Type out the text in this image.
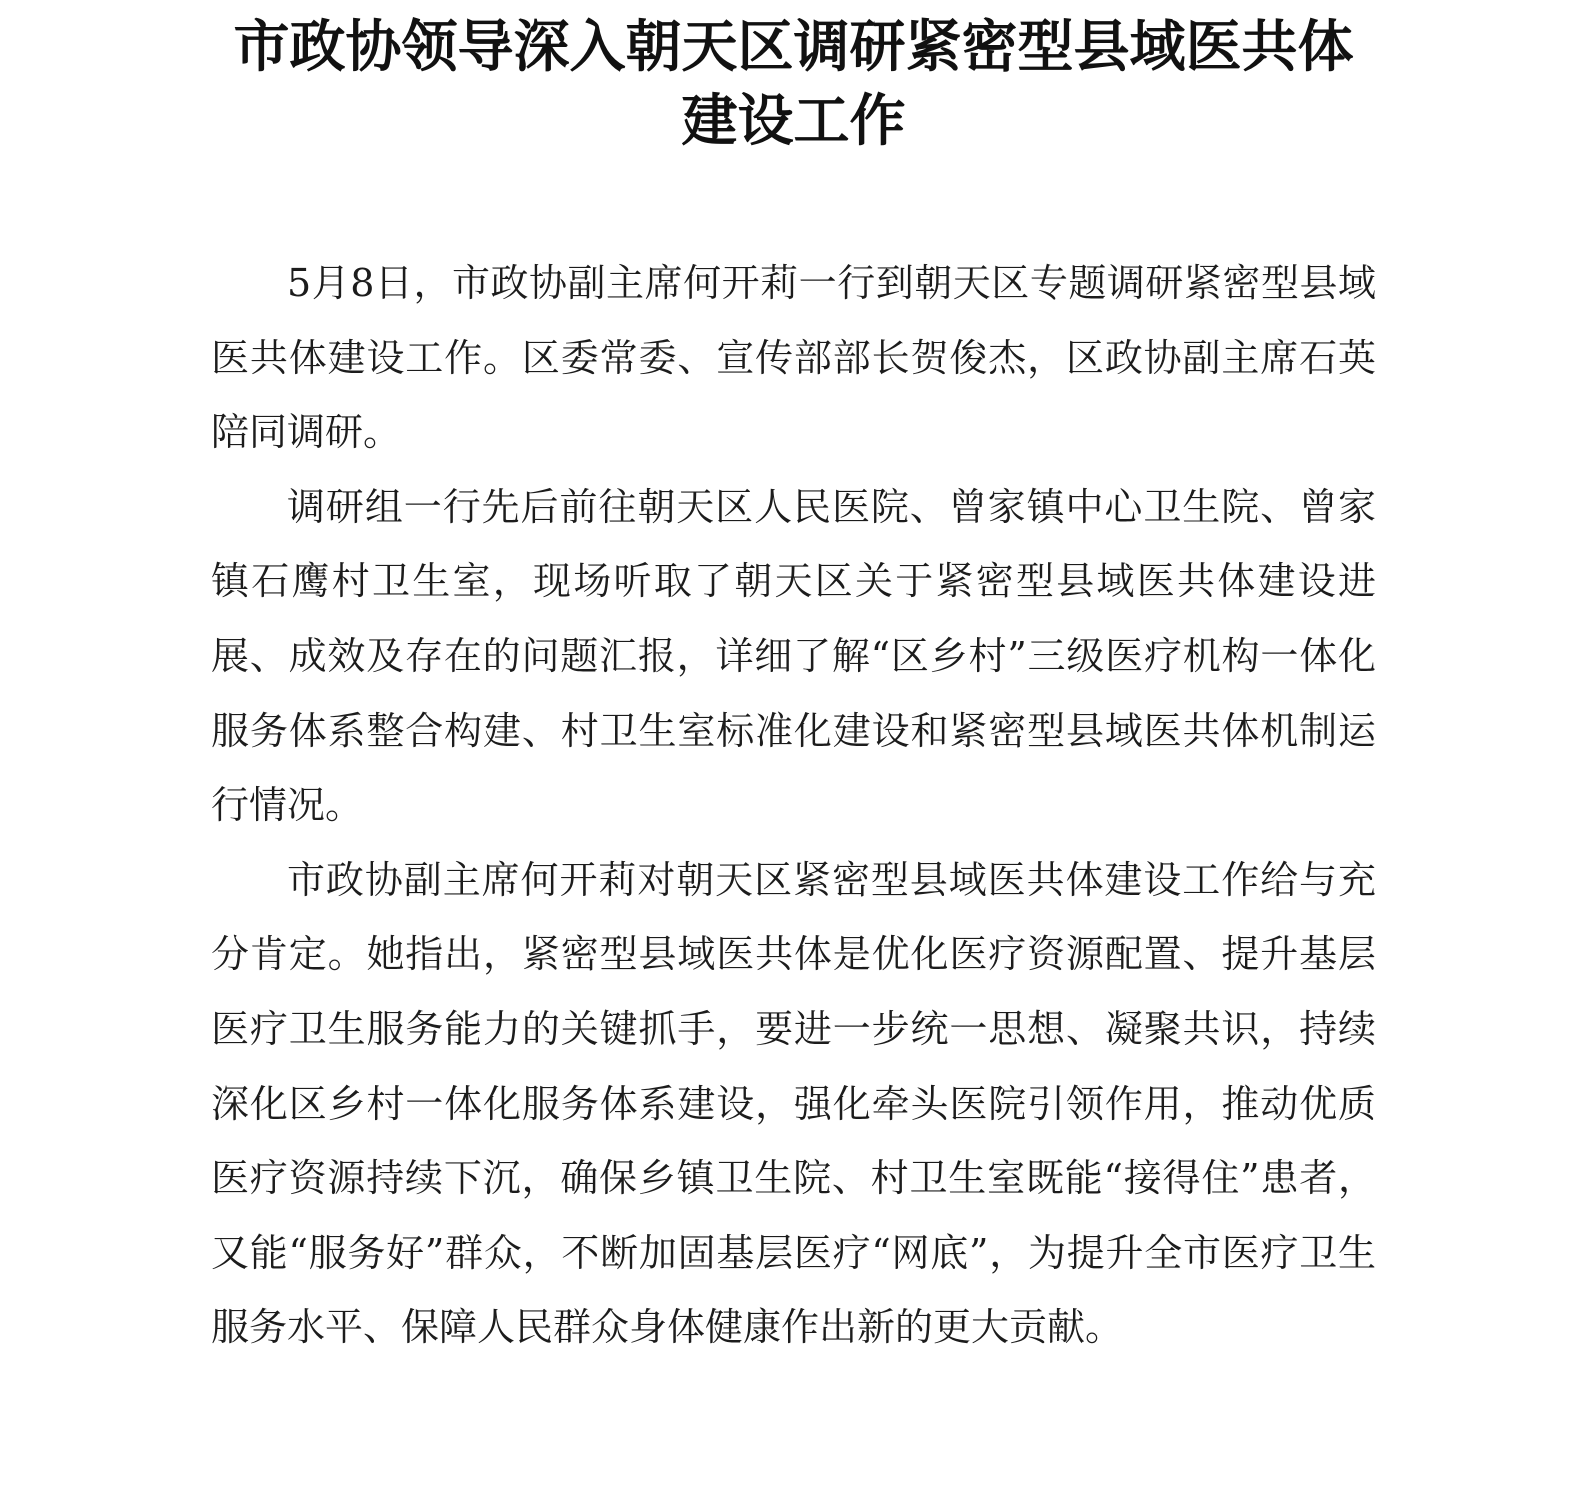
市政协领导深入朝天区调研紧密型县域医共体建设工作

5月8日，市政协副主席何开莉一行到朝天区专题调研紧密型县域医共体建设工作。区委常委、宣传部部长贺俊杰，区政协副主席石英陪同调研。

调研组一行先后前往朝天区人民医院、曾家镇中心卫生院、曾家镇石鹰村卫生室，现场听取了朝天区关于紧密型县域医共体建设进展、成效及存在的问题汇报，详细了解“区乡村”三级医疗机构一体化服务体系整合构建、村卫生室标准化建设和紧密型县域医共体机制运行情况。

市政协副主席何开莉对朝天区紧密型县域医共体建设工作给与充分肯定。她指出，紧密型县域医共体是优化医疗资源配置、提升基层医疗卫生服务能力的关键抓手，要进一步统一思想、凝聚共识，持续深化区乡村一体化服务体系建设，强化牵头医院引领作用，推动优质医疗资源持续下沉，确保乡镇卫生院、村卫生室既能“接得住”患者，又能“服务好”群众，不断加固基层医疗“网底”，为提升全市医疗卫生服务水平、保障人民群众身体健康作出新的更大贡献。
